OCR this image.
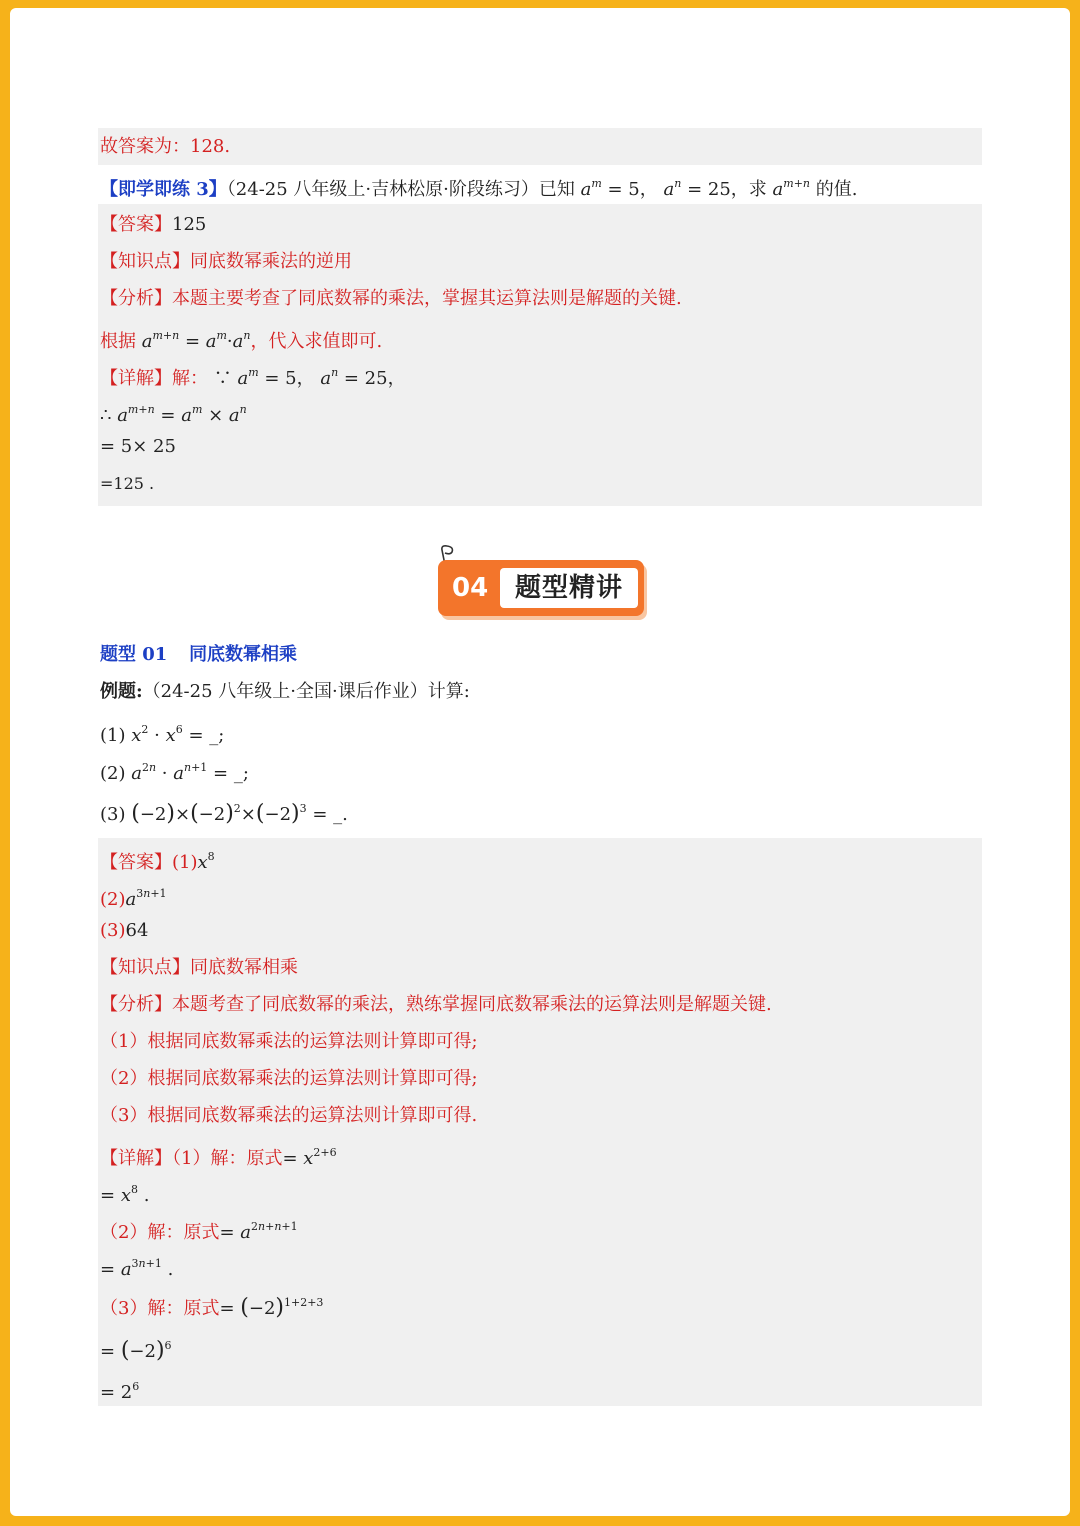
故答案为：128.
【即学即练 3】（24-25 八年级上·吉林松原·阶段练习）已知 $a^m = 5$， $a^n = 25$，求 $a^{m+n}$ 的值.
【答案】125
【知识点】同底数幂乘法的逆用
【分析】本题主要考查了同底数幂的乘法，掌握其运算法则是解题的关键.
根据 $a^{m+n} = a^m\cdot a^n$，代入求值即可.
【详解】解： ∵ $a^m = 5$， $a^n = 25$，
∴ $a^{m+n} = a^m \times a^n$
= 5× 25
=125 .
04	题型精讲
题型 01 同底数幂相乘
例题:（24-25 八年级上·全国·课后作业）计算:
(1) $x^2 \cdot x^6$ = _;
(2) $a^{2n} \cdot a^{n+1}$ = _;
(3) $(-2)\times(-2)^2\times(-2)^3$ = _.
【答案】$(1)x^8$
$(2)a^{3n+1}$
(3)64
【知识点】同底数幂相乘
【分析】本题考查了同底数幂的乘法，熟练掌握同底数幂乘法的运算法则是解题关键.
（1）根据同底数幂乘法的运算法则计算即可得;
（2）根据同底数幂乘法的运算法则计算即可得;
（3）根据同底数幂乘法的运算法则计算即可得.
【详解】（1）解：原式= $x^{2+6}$
= $x^8$ .
（2）解：原式= $a^{2n+n+1}$
= $a^{3n+1}$ .
（3）解：原式= $(-2)^{1+2+3}$
= $(-2)^6$
= $2^6$
